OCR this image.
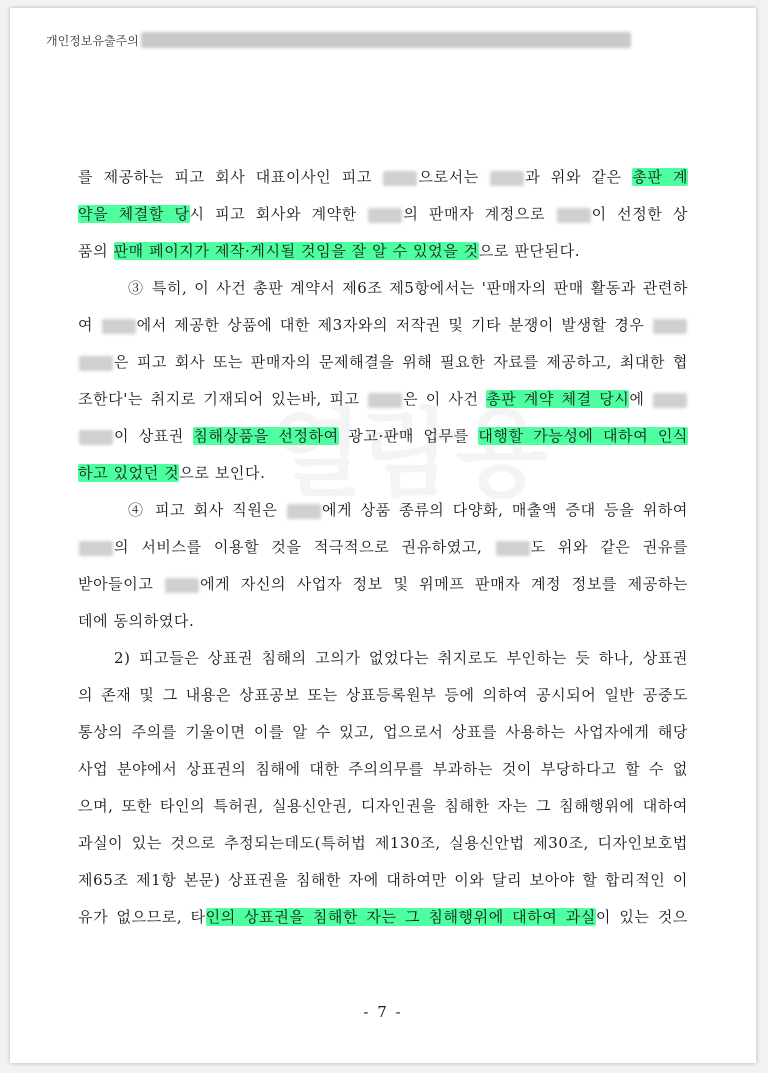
개인정보유출주의
를 제공하는 피고 회사 대표이사인 피고 으로서는 과 위와 같은 총판 계
약을 체결할 당시 피고 회사와 계약한 의 판매자 계정으로 이 선정한 상
품의 판매 페이지가 제작·게시될 것임을 잘 알 수 있었을 것으로 판단된다.
③ 특히, 이 사건 총판 계약서 제6조 제5항에서는 '판매자의 판매 활동과 관련하
여 에서 제공한 상품에 대한 제3자와의 저작권 및 기타 분쟁이 발생할 경우
은 피고 회사 또는 판매자의 문제해결을 위해 필요한 자료를 제공하고, 최대한 협
조한다'는 취지로 기재되어 있는바, 피고 은 이 사건 총판 계약 체결 당시에
이 상표권 침해상품을 선정하여 광고·판매 업무를 대행할 가능성에 대하여 인식
하고 있었던 것으로 보인다.
④ 피고 회사 직원은 에게 상품 종류의 다양화, 매출액 증대 등을 위하여
의 서비스를 이용할 것을 적극적으로 권유하였고, 도 위와 같은 권유를
받아들이고 에게 자신의 사업자 정보 및 위메프 판매자 계정 정보를 제공하는
데에 동의하였다.
2) 피고들은 상표권 침해의 고의가 없었다는 취지로도 부인하는 듯 하나, 상표권
의 존재 및 그 내용은 상표공보 또는 상표등록원부 등에 의하여 공시되어 일반 공중도
통상의 주의를 기울이면 이를 알 수 있고, 업으로서 상표를 사용하는 사업자에게 해당
사업 분야에서 상표권의 침해에 대한 주의의무를 부과하는 것이 부당하다고 할 수 없
으며, 또한 타인의 특허권, 실용신안권, 디자인권을 침해한 자는 그 침해행위에 대하여
과실이 있는 것으로 추정되는데도(특허법 제130조, 실용신안법 제30조, 디자인보호법
제65조 제1항 본문) 상표권을 침해한 자에 대하여만 이와 달리 보아야 할 합리적인 이
유가 없으므로, 타인의 상표권을 침해한 자는 그 침해행위에 대하여 과실이 있는 것으
- 7 -
